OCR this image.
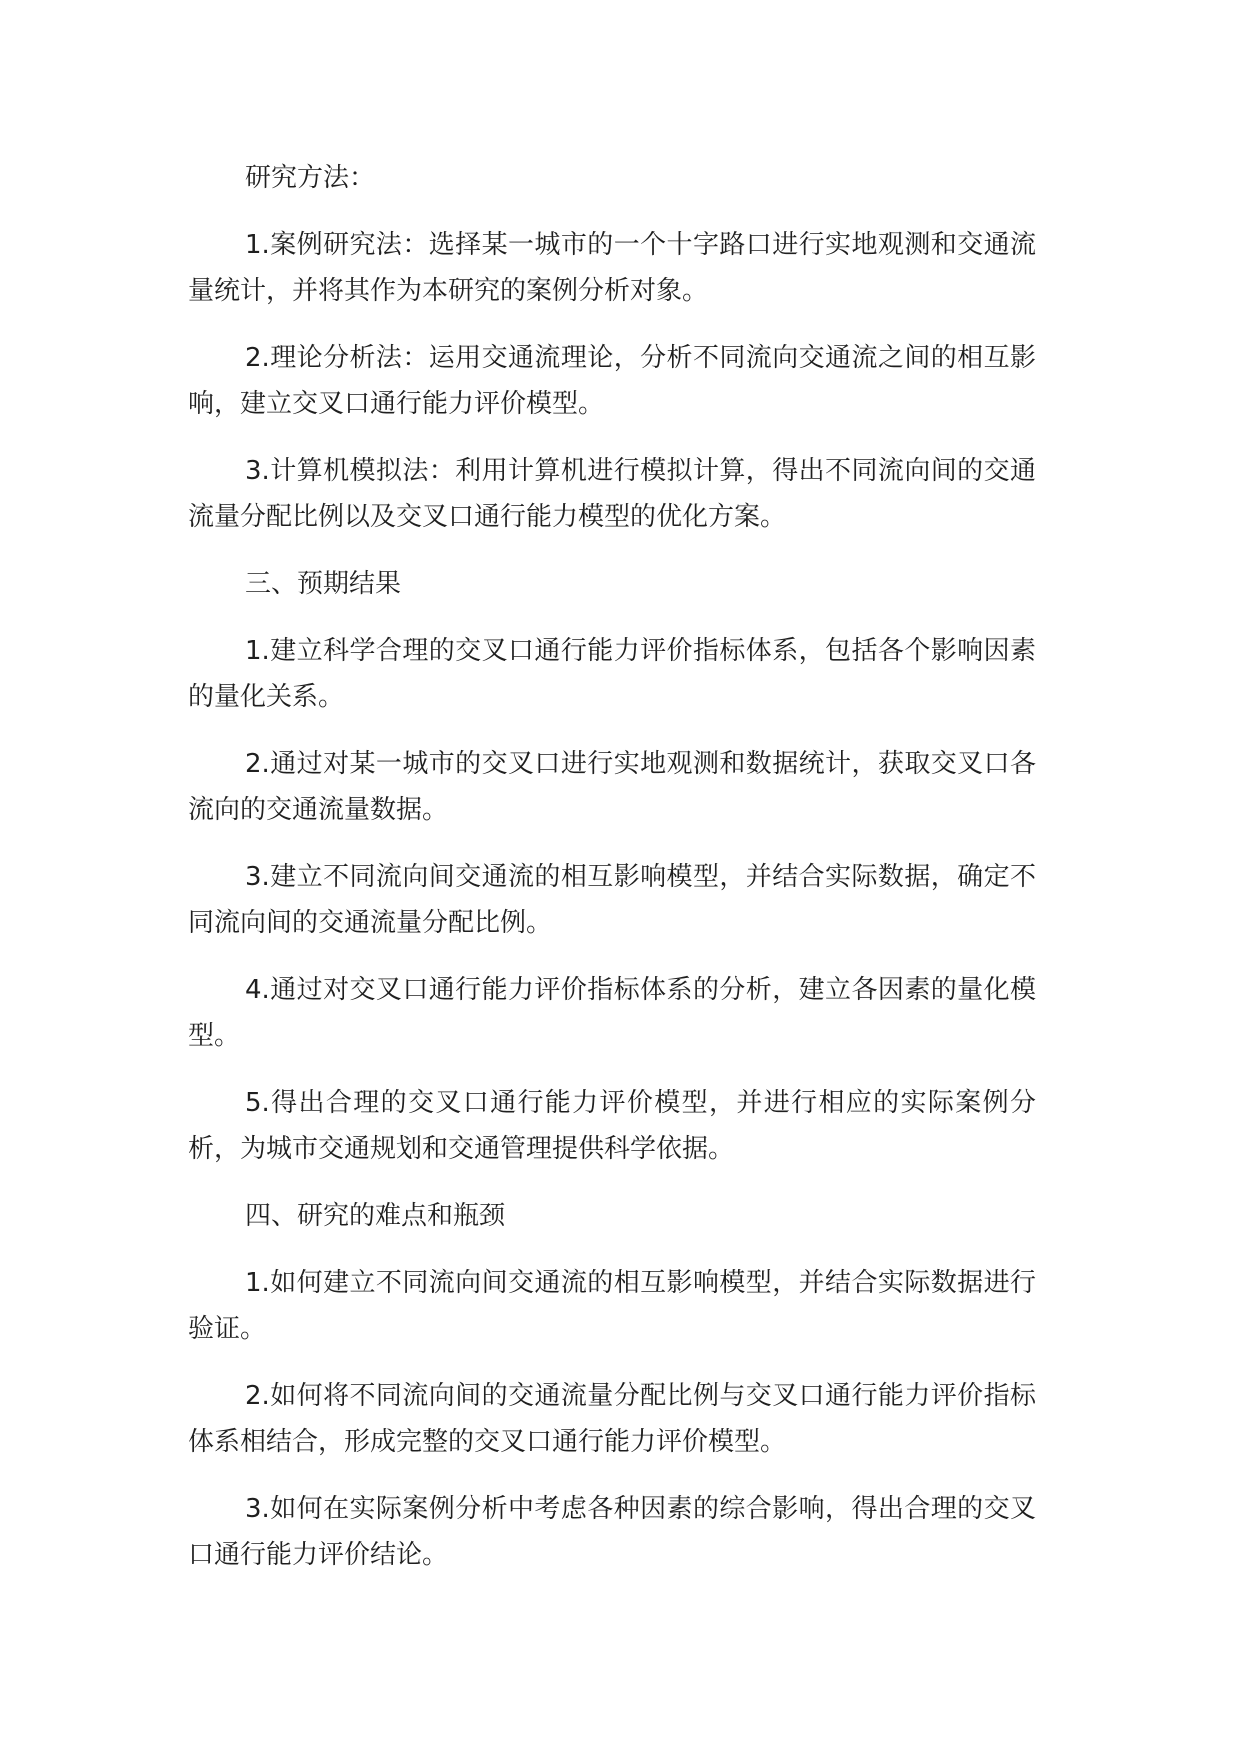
研究方法：

1.案例研究法：选择某一城市的一个十字路口进行实地观测和交通流量统计，并将其作为本研究的案例分析对象。

2.理论分析法：运用交通流理论，分析不同流向交通流之间的相互影响，建立交叉口通行能力评价模型。

3.计算机模拟法：利用计算机进行模拟计算，得出不同流向间的交通流量分配比例以及交叉口通行能力模型的优化方案。

三、预期结果

1.建立科学合理的交叉口通行能力评价指标体系，包括各个影响因素的量化关系。

2.通过对某一城市的交叉口进行实地观测和数据统计，获取交叉口各流向的交通流量数据。

3.建立不同流向间交通流的相互影响模型，并结合实际数据，确定不同流向间的交通流量分配比例。

4.通过对交叉口通行能力评价指标体系的分析，建立各因素的量化模型。

5.得出合理的交叉口通行能力评价模型，并进行相应的实际案例分析，为城市交通规划和交通管理提供科学依据。

四、研究的难点和瓶颈

1.如何建立不同流向间交通流的相互影响模型，并结合实际数据进行验证。

2.如何将不同流向间的交通流量分配比例与交叉口通行能力评价指标体系相结合，形成完整的交叉口通行能力评价模型。

3.如何在实际案例分析中考虑各种因素的综合影响，得出合理的交叉口通行能力评价结论。
